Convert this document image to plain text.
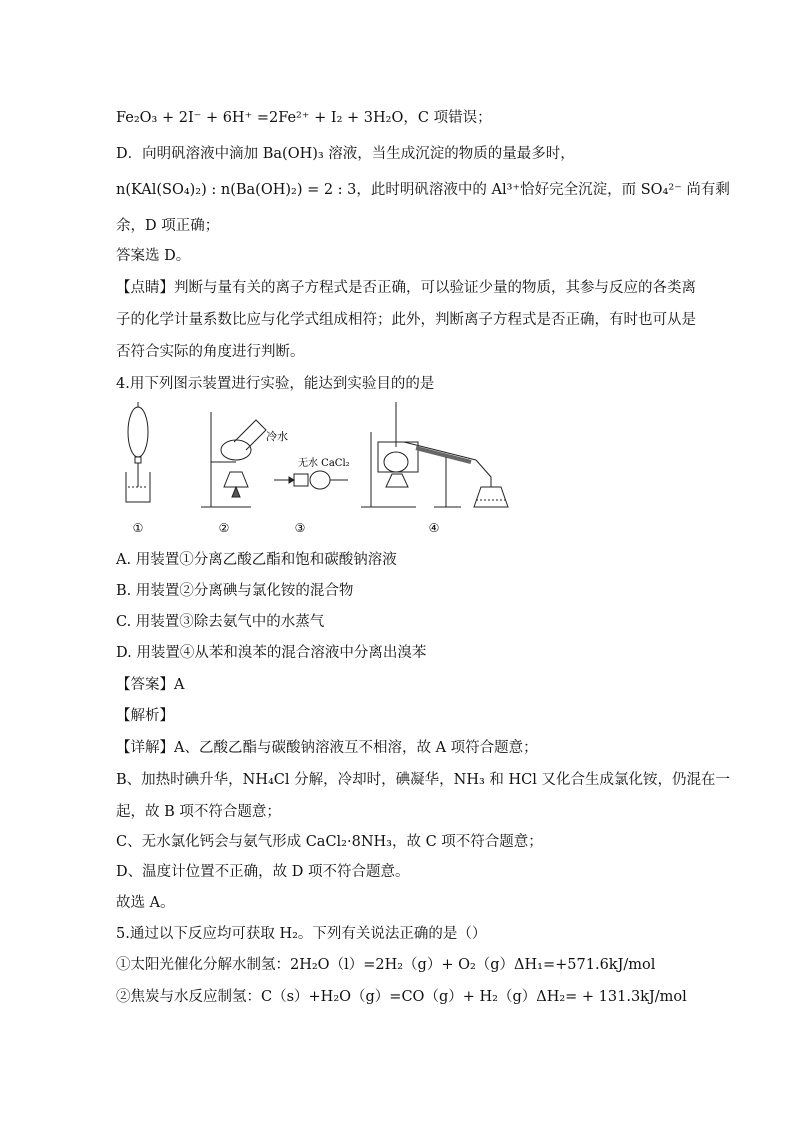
Fe₂O₃ + 2I⁻ + 6H⁺ =2Fe²⁺ + I₂ + 3H₂O，C 项错误；
D．向明矾溶液中滴加 Ba(OH)₃ 溶液，当生成沉淀的物质的量最多时，
n(KAl(SO₄)₂) : n(Ba(OH)₂) = 2 : 3，此时明矾溶液中的 Al³⁺恰好完全沉淀，而 SO₄²⁻ 尚有剩
余，D 项正确；
答案选 D。
【点睛】判断与量有关的离子方程式是否正确，可以验证少量的物质，其参与反应的各类离
子的化学计量系数比应与化学式组成相符；此外，判断离子方程式是否正确，有时也可从是
否符合实际的角度进行判断。
4.用下列图示装置进行实验，能达到实验目的的是
冷水
无水 CaCl₂
①	②	③	④
A. 用装置①分离乙酸乙酯和饱和碳酸钠溶液
B. 用装置②分离碘与氯化铵的混合物
C. 用装置③除去氨气中的水蒸气
D. 用装置④从苯和溴苯的混合溶液中分离出溴苯
【答案】A
【解析】
【详解】A、乙酸乙酯与碳酸钠溶液互不相溶，故 A 项符合题意；
B、加热时碘升华，NH₄Cl 分解，冷却时，碘凝华，NH₃ 和 HCl 又化合生成氯化铵，仍混在一
起，故 B 项不符合题意；
C、无水氯化钙会与氨气形成 CaCl₂·8NH₃，故 C 项不符合题意；
D、温度计位置不正确，故 D 项不符合题意。
故选 A。
5.通过以下反应均可获取 H₂。下列有关说法正确的是（）
①太阳光催化分解水制氢：2H₂O（l）=2H₂（g）+ O₂（g）ΔH₁=+571.6kJ/mol
②焦炭与水反应制氢：C（s）+H₂O（g）=CO（g）+ H₂（g）ΔH₂= + 131.3kJ/mol
